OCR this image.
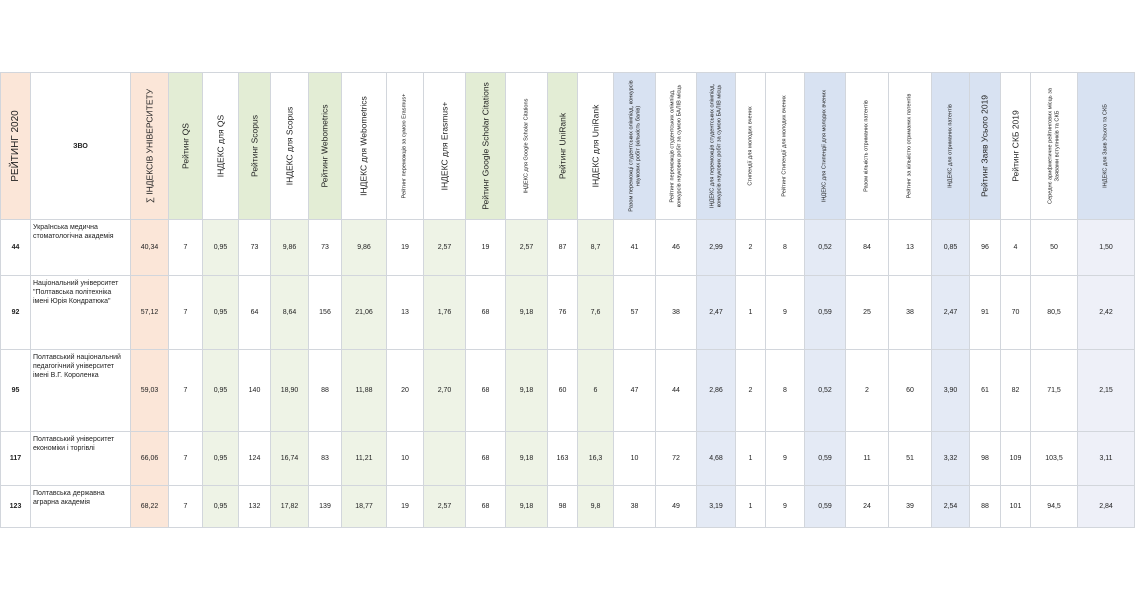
РЕЙТИНГ 2020	ЗВО	∑ ІНДЕКСІВ УНІВЕРСИТЕТУ	Рейтинг QS	ІНДЕКС для QS	Рейтинг Scopus	ІНДЕКС для Scopus	Рейтинг Webometrics	ІНДЕКС для Webometrics	Рейтинг переможців за сумою Erasmus+	ІНДЕКС для Erasmus+	Рейтинг Google Scholar Citations	ІНДЕКС для Google Scholar Citations	Рейтинг UniRank	ІНДЕКС для UniRank	Разом переможці студентських олімпіад, конкурсів наукових робіт (кількість балів)	Рейтинг переможців студентських олімпіад, конкурсів наукових робіт за сумою БАЛІВ місць	ІНДЕКС для переможців студентських олімпіад, конкурсів наукових робіт за сумою БАЛІВ місць	Стипендії для молодих вчених	Рейтинг Стипендії для молодих вчених	ІНДЕКС для Стипендії для молодих вчених	Разом кількість отриманих патентів	Рейтинг за кількістю отриманих патентів	ІНДЕКС для отриманих патентів	Рейтинг Заяв Усього 2019	Рейтинг СКБ 2019	Середнє арифметичне рейтингових місць за Заявами вступників та СКБ	ІНДЕКС для Заяв Усього та СКБ

44	Українська медична стоматологічна академія	40,34	7	0,95	73	9,86	73	9,86	19	2,57	19	2,57	87	8,7	41	46	2,99	2	8	0,52	84	13	0,85	96	4	50	1,50
92	Національний університет "Полтавська політехніка імені Юрія Кондратюка"	57,12	7	0,95	64	8,64	156	21,06	13	1,76	68	9,18	76	7,6	57	38	2,47	1	9	0,59	25	38	2,47	91	70	80,5	2,42
95	Полтавський національний педагогічний університет імені В.Г. Короленка	59,03	7	0,95	140	18,90	88	11,88	20	2,70	68	9,18	60	6	47	44	2,86	2	8	0,52	2	60	3,90	61	82	71,5	2,15
117	Полтавський університет економіки і торгівлі	66,06	7	0,95	124	16,74	83	11,21	10		68	9,18	163	16,3	10	72	4,68	1	9	0,59	11	51	3,32	98	109	103,5	3,11
123	Полтавська державна аграрна академія	68,22	7	0,95	132	17,82	139	18,77	19	2,57	68	9,18	98	9,8	38	49	3,19	1	9	0,59	24	39	2,54	88	101	94,5	2,84
